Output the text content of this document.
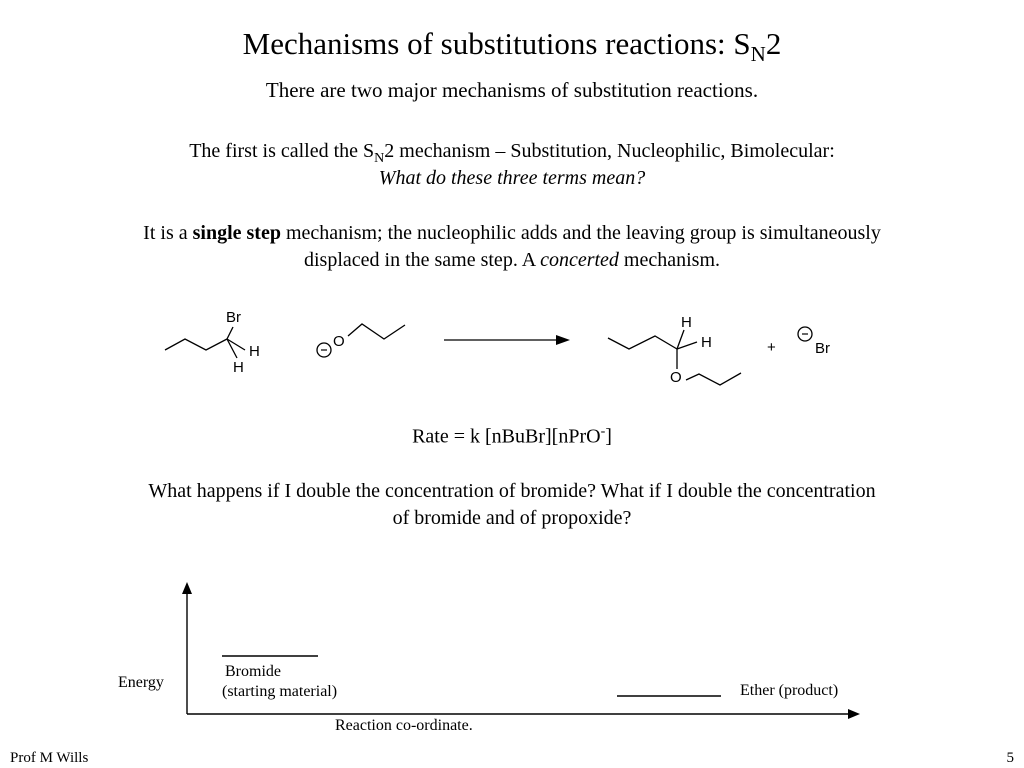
Mechanisms of substitutions reactions: $S_N2$
There are two major mechanisms of substitution reactions.
The first is called the $S_N2$ mechanism – Substitution, Nucleophilic, Bimolecular:
What do these three terms mean?
It is a single step mechanism; the nucleophilic adds and the leaving group is simultaneously
displaced in the same step. A concerted mechanism.
Br
H
H
O
H
H
O
+	Br
Rate = k [nBuBr][nPrO-]
What happens if I double the concentration of bromide? What if I double the concentration
of bromide and of propoxide?
Energy
Bromide
(starting material)	Ether (product)
Reaction co-ordinate.
Prof M Wills	5
